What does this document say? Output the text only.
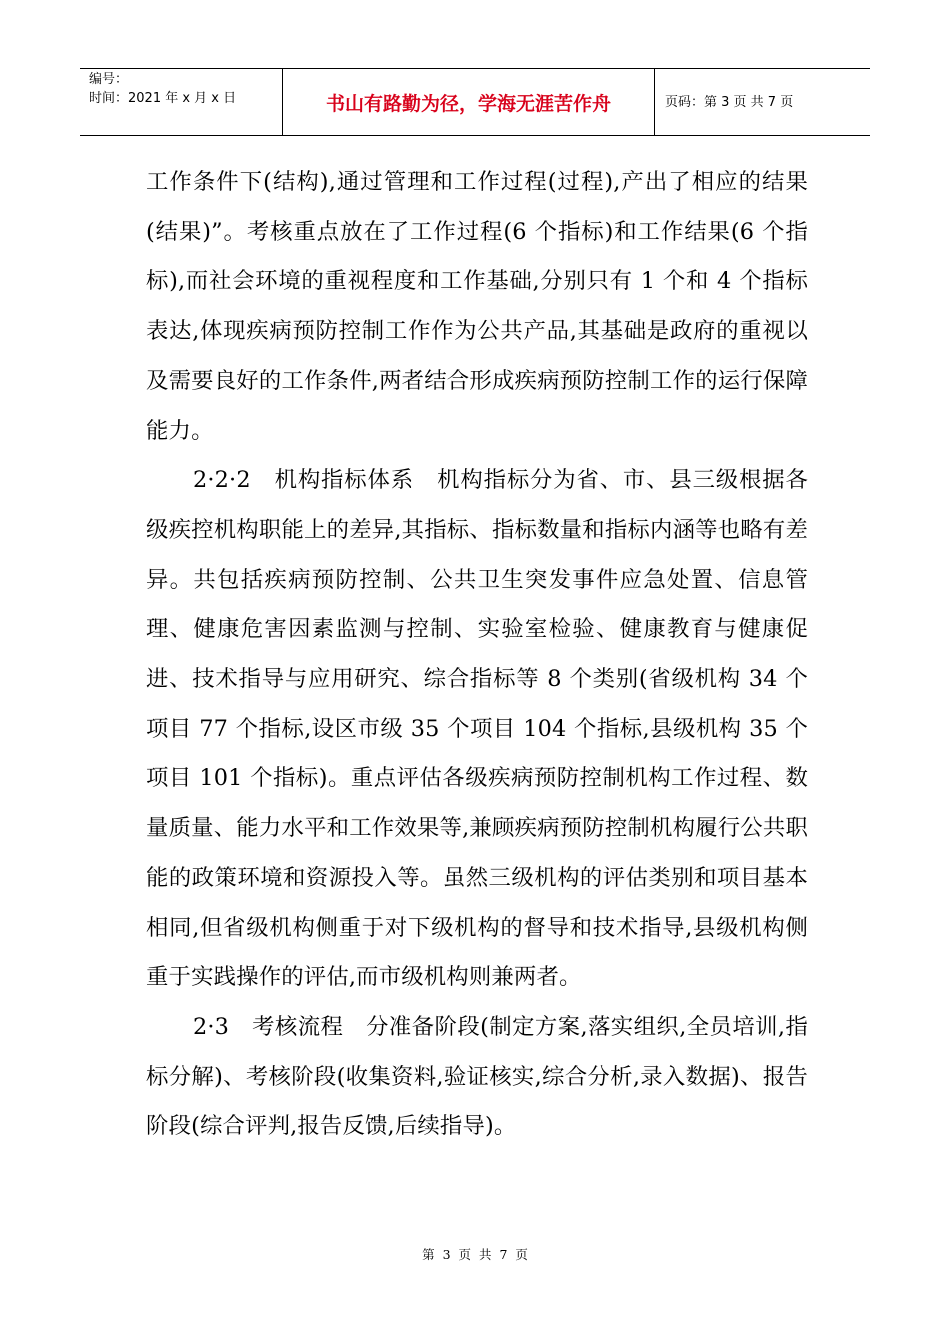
编号：
时间：2021 年 x 月 x 日	书山有路勤为径，学海无涯苦作舟	页码：第 3 页 共 7 页

工作条件下(结构),通过管理和工作过程(过程),产出了相应的结果(结果)”。考核重点放在了工作过程(6 个指标)和工作结果(6 个指标),而社会环境的重视程度和工作基础,分别只有 1 个和 4 个指标表达,体现疾病预防控制工作作为公共产品,其基础是政府的重视以及需要良好的工作条件,两者结合形成疾病预防控制工作的运行保障能力。

2·2·2　机构指标体系　机构指标分为省、市、县三级根据各级疾控机构职能上的差异,其指标、指标数量和指标内涵等也略有差异。共包括疾病预防控制、公共卫生突发事件应急处置、信息管理、健康危害因素监测与控制、实验室检验、健康教育与健康促进、技术指导与应用研究、综合指标等 8 个类别(省级机构 34 个项目 77 个指标,设区市级 35 个项目 104 个指标,县级机构 35 个项目 101 个指标)。重点评估各级疾病预防控制机构工作过程、数量质量、能力水平和工作效果等,兼顾疾病预防控制机构履行公共职能的政策环境和资源投入等。虽然三级机构的评估类别和项目基本相同,但省级机构侧重于对下级机构的督导和技术指导,县级机构侧重于实践操作的评估,而市级机构则兼两者。

2·3　考核流程　分准备阶段(制定方案,落实组织,全员培训,指标分解)、考核阶段(收集资料,验证核实,综合分析,录入数据)、报告阶段(综合评判,报告反馈,后续指导)。

第 3 页 共 7 页
